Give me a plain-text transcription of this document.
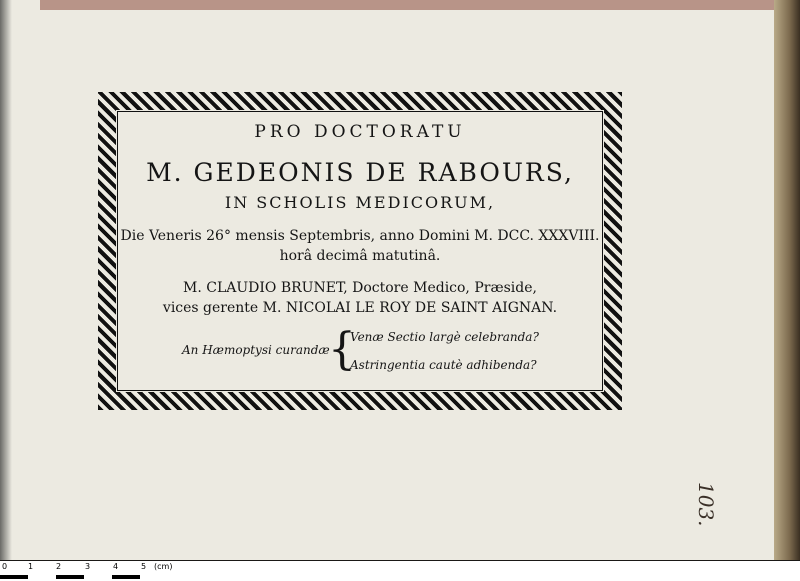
PRO DOCTORATU
M. GEDEONIS DE RABOURS,
IN SCHOLIS MEDICORUM,
Die Veneris 26° mensis Septembris, anno Domini M. DCC. XXXVIII.
horâ decimâ matutinâ.
M. CLAUDIO BRUNET, Doctore Medico, Præside,
vices gerente M. NICOLAI LE ROY DE SAINT AIGNAN.
An Hæmoptysi curandæ
{
Venæ Sectio largè celebranda?
Astringentia cautè adhibenda?
103.
0	1	2	3	4	5 (cm)
